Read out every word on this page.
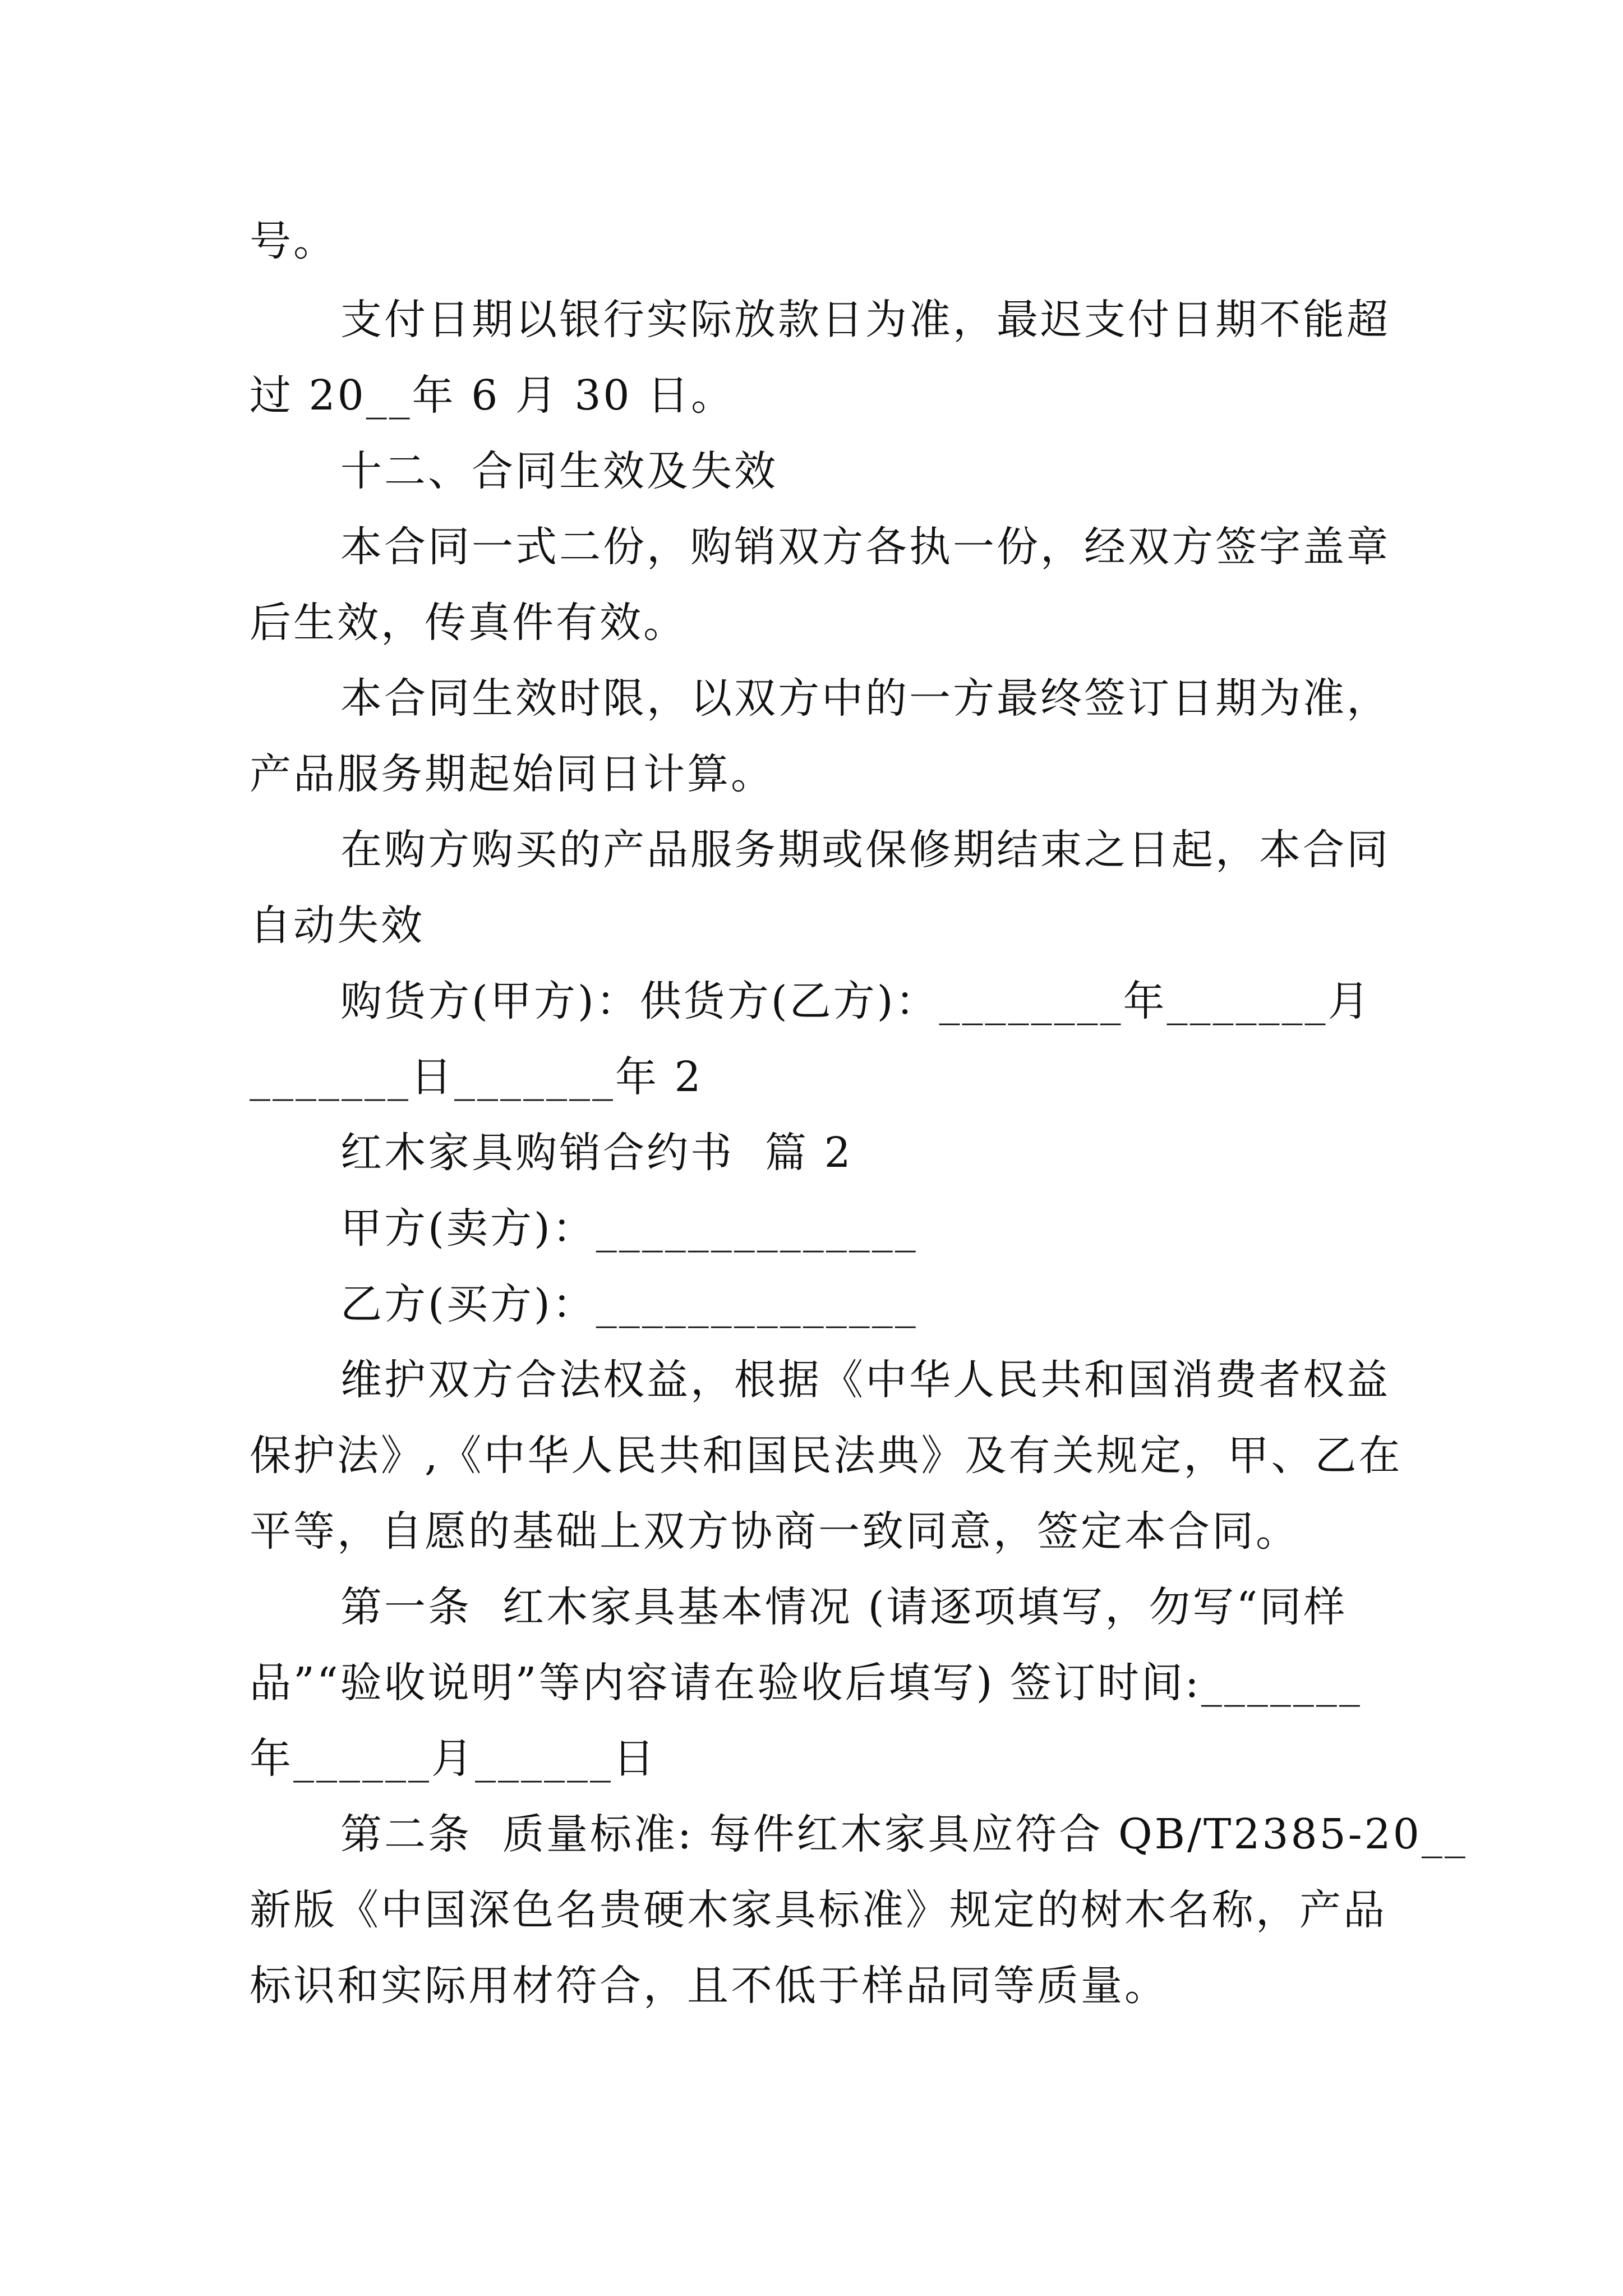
号。
支付日期以银行实际放款日为准，最迟支付日期不能超
过 20__年 6 月 30 日。
十二、合同生效及失效
本合同一式二份，购销双方各执一份，经双方签字盖章
后生效，传真件有效。
本合同生效时限，以双方中的一方最终签订日期为准，
产品服务期起始同日计算。
在购方购买的产品服务期或保修期结束之日起，本合同
自动失效
购货方(甲方)：供货方(乙方)：________年_______月
_______日_______年 2
红木家具购销合约书  篇 2
甲方(卖方)：______________
乙方(买方)：______________
维护双方合法权益，根据《中华人民共和国消费者权益
保护法》,《中华人民共和国民法典》及有关规定，甲、乙在
平等，自愿的基础上双方协商一致同意，签定本合同。
第一条  红木家具基本情况 (请逐项填写，勿写“同样
品”“验收说明”等内容请在验收后填写) 签订时间:_______
年______月______日
第二条  质量标准: 每件红木家具应符合 QB/T2385-20__
新版《中国深色名贵硬木家具标准》规定的树木名称，产品
标识和实际用材符合，且不低于样品同等质量。
